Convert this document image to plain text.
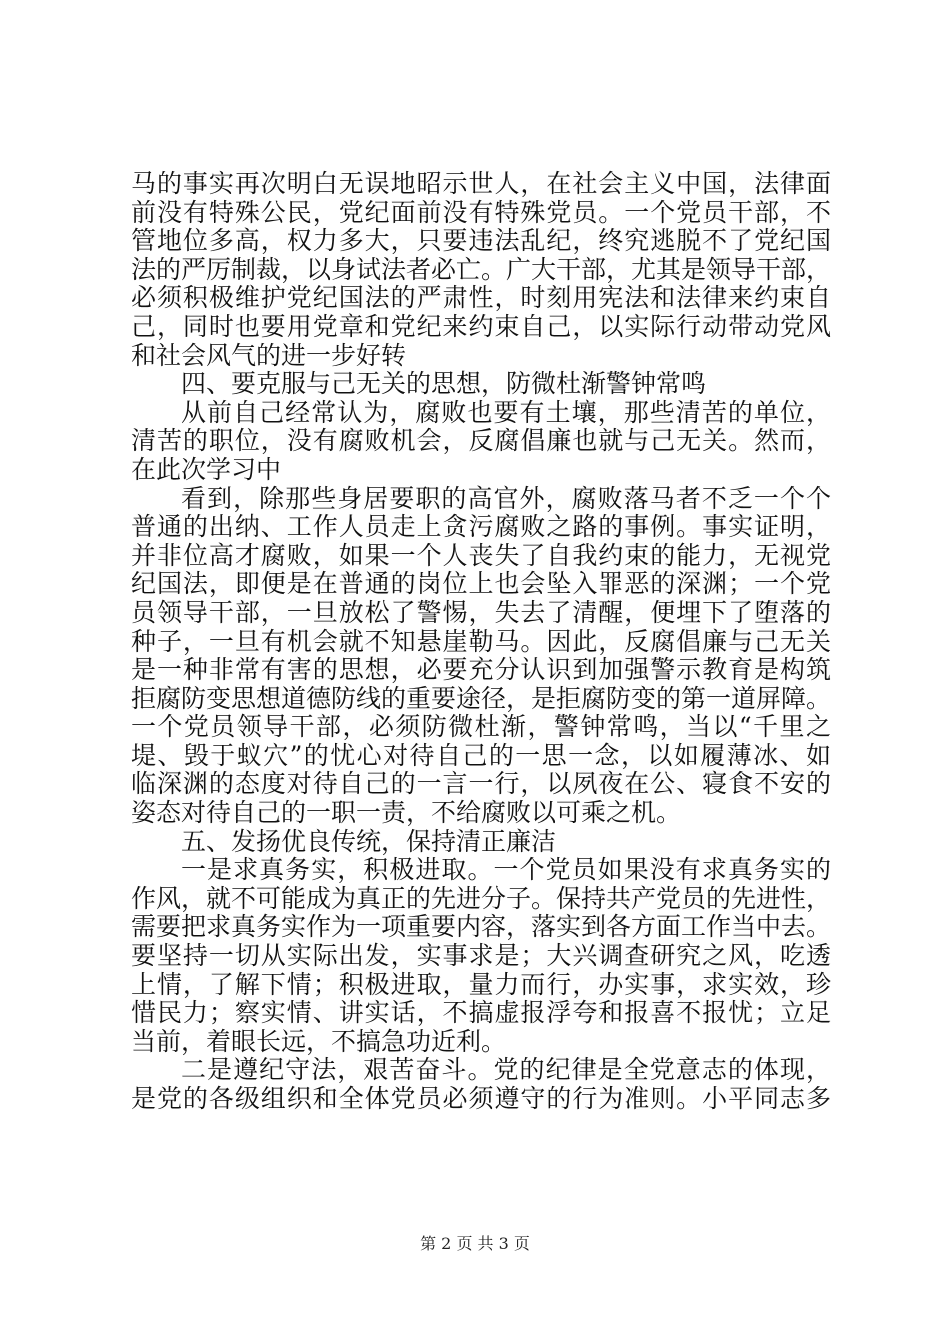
马的事实再次明白无误地昭示世人，在社会主义中国，法律面
前没有特殊公民，党纪面前没有特殊党员。一个党员干部，不
管地位多高，权力多大，只要违法乱纪，终究逃脱不了党纪国
法的严厉制裁，以身试法者必亡。广大干部，尤其是领导干部，
必须积极维护党纪国法的严肃性，时刻用宪法和法律来约束自
己，同时也要用党章和党纪来约束自己，以实际行动带动党风
和社会风气的进一步好转
四、要克服与己无关的思想，防微杜渐警钟常鸣
从前自己经常认为，腐败也要有土壤，那些清苦的单位，
清苦的职位，没有腐败机会，反腐倡廉也就与己无关。然而，
在此次学习中
看到，除那些身居要职的高官外，腐败落马者不乏一个个
普通的出纳、工作人员走上贪污腐败之路的事例。事实证明，
并非位高才腐败，如果一个人丧失了自我约束的能力，无视党
纪国法，即便是在普通的岗位上也会坠入罪恶的深渊；一个党
员领导干部，一旦放松了警惕，失去了清醒，便埋下了堕落的
种子，一旦有机会就不知悬崖勒马。因此，反腐倡廉与己无关
是一种非常有害的思想，必要充分认识到加强警示教育是构筑
拒腐防变思想道德防线的重要途径，是拒腐防变的第一道屏障。
一个党员领导干部，必须防微杜渐，警钟常鸣，当以“千里之
堤、毁于蚁穴”的忧心对待自己的一思一念，以如履薄冰、如
临深渊的态度对待自己的一言一行，以夙夜在公、寝食不安的
姿态对待自己的一职一责，不给腐败以可乘之机。
五、发扬优良传统，保持清正廉洁
一是求真务实，积极进取。一个党员如果没有求真务实的
作风，就不可能成为真正的先进分子。保持共产党员的先进性，
需要把求真务实作为一项重要内容，落实到各方面工作当中去。
要坚持一切从实际出发，实事求是；大兴调查研究之风，吃透
上情，了解下情；积极进取，量力而行，办实事，求实效，珍
惜民力；察实情、讲实话，不搞虚报浮夸和报喜不报忧；立足
当前，着眼长远，不搞急功近利。
二是遵纪守法，艰苦奋斗。党的纪律是全党意志的体现，
是党的各级组织和全体党员必须遵守的行为准则。小平同志多
第 2 页 共 3 页
